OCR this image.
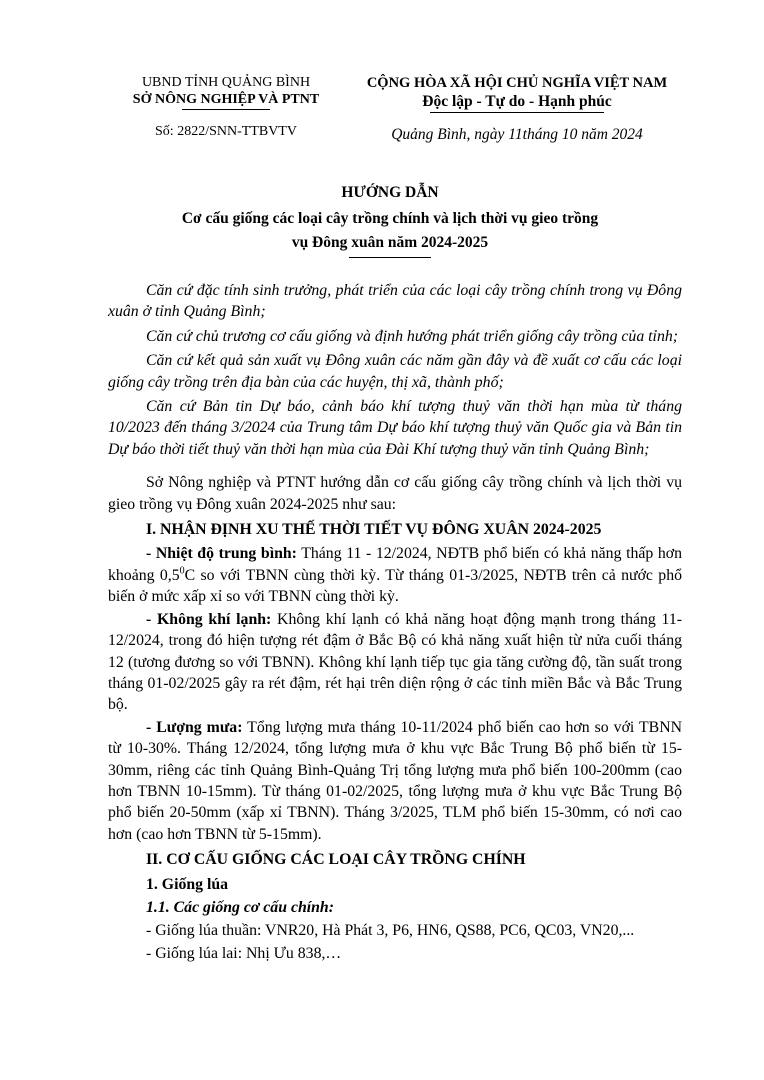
UBND TỈNH QUẢNG BÌNH
SỞ NÔNG NGHIỆP VÀ PTNT
Số: 2822/SNN-TTBVTV
CỘNG HÒA XÃ HỘI CHỦ NGHĨA VIỆT NAM
Độc lập - Tự do - Hạnh phúc
Quảng Bình, ngày 11tháng 10 năm 2024
HƯỚNG DẪN
Cơ cấu giống các loại cây trồng chính và lịch thời vụ gieo trồng
vụ Đông xuân năm 2024-2025

Căn cứ đặc tính sinh trưởng, phát triển của các loại cây trồng chính trong vụ Đông xuân ở tỉnh Quảng Bình;

Căn cứ chủ trương cơ cấu giống và định hướng phát triển giống cây trồng của tỉnh;

Căn cứ kết quả sản xuất vụ Đông xuân các năm gần đây và đề xuất cơ cấu các loại giống cây trồng trên địa bàn của các huyện, thị xã, thành phố;

Căn cứ Bản tin Dự báo, cảnh báo khí tượng thuỷ văn thời hạn mùa từ tháng 10/2023 đến tháng 3/2024 của Trung tâm Dự báo khí tượng thuỷ văn Quốc gia và Bản tin Dự báo thời tiết thuỷ văn thời hạn mùa của Đài Khí tượng thuỷ văn tỉnh Quảng Bình;

Sở Nông nghiệp và PTNT hướng dẫn cơ cấu giống cây trồng chính và lịch thời vụ gieo trồng vụ Đông xuân 2024-2025 như sau:

I. NHẬN ĐỊNH XU THẾ THỜI TIẾT VỤ ĐÔNG XUÂN 2024-2025

- Nhiệt độ trung bình: Tháng 11 - 12/2024, NĐTB phổ biến có khả năng thấp hơn khoảng $0,5^0C$ so với TBNN cùng thời kỳ. Từ tháng 01-3/2025, NĐTB trên cả nước phổ biến ở mức xấp xỉ so với TBNN cùng thời kỳ.

- Không khí lạnh: Không khí lạnh có khả năng hoạt động mạnh trong tháng 11-12/2024, trong đó hiện tượng rét đậm ở Bắc Bộ có khả năng xuất hiện từ nửa cuối tháng 12 (tương đương so với TBNN). Không khí lạnh tiếp tục gia tăng cường độ, tần suất trong tháng 01-02/2025 gây ra rét đậm, rét hại trên diện rộng ở các tỉnh miền Bắc và Bắc Trung bộ.

- Lượng mưa: Tổng lượng mưa tháng 10-11/2024 phổ biến cao hơn so với TBNN từ 10-30%. Tháng 12/2024, tổng lượng mưa ở khu vực Bắc Trung Bộ phổ biến từ 15-30mm, riêng các tỉnh Quảng Bình-Quảng Trị tổng lượng mưa phổ biến 100-200mm (cao hơn TBNN 10-15mm). Từ tháng 01-02/2025, tổng lượng mưa ở khu vực Bắc Trung Bộ phổ biến 20-50mm (xấp xỉ TBNN). Tháng 3/2025, TLM phổ biến 15-30mm, có nơi cao hơn (cao hơn TBNN từ 5-15mm).

II. CƠ CẤU GIỐNG CÁC LOẠI CÂY TRỒNG CHÍNH

1. Giống lúa

1.1. Các giống cơ cấu chính:

- Giống lúa thuần: VNR20, Hà Phát 3, P6, HN6, QS88, PC6, QC03, VN20,...

- Giống lúa lai: Nhị Ưu 838,…
